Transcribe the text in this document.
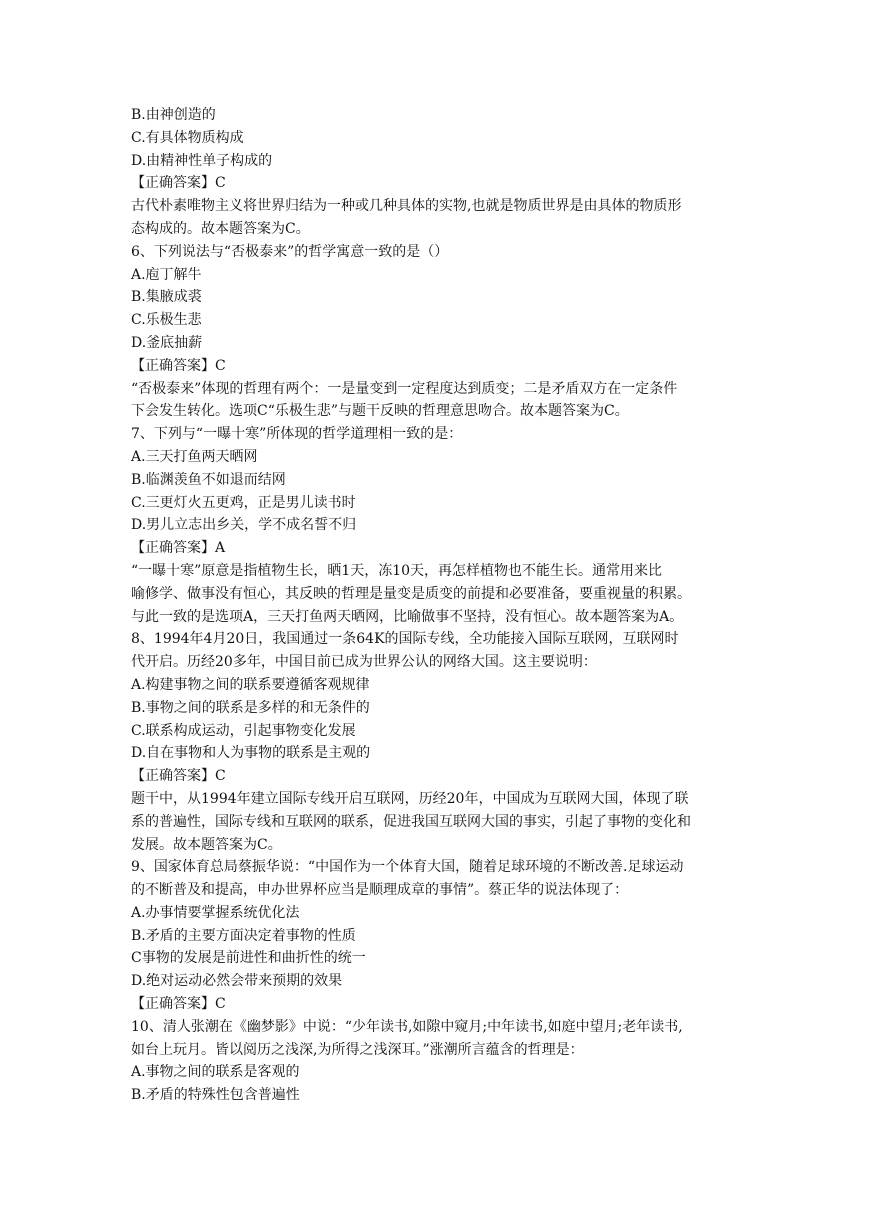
B.由神创造的
C.有具体物质构成
D.由精神性单子构成的
【正确答案】C
古代朴素唯物主义将世界归结为一种或几种具体的实物,也就是物质世界是由具体的物质形
态构成的。故本题答案为C。
6、下列说法与“否极泰来”的哲学寓意一致的是（）
A.庖丁解牛
B.集腋成裘
C.乐极生悲
D.釜底抽薪
【正确答案】C
“否极泰来”体现的哲理有两个：一是量变到一定程度达到质变；二是矛盾双方在一定条件
下会发生转化。选项C“乐极生悲”与题干反映的哲理意思吻合。故本题答案为C。
7、下列与“一曝十寒”所体现的哲学道理相一致的是：
A.三天打鱼两天晒网
B.临渊羡鱼不如退而结网
C.三更灯火五更鸡，正是男儿读书时
D.男儿立志出乡关，学不成名誓不归
【正确答案】A
“一曝十寒”原意是指植物生长，晒1天，冻10天，再怎样植物也不能生长。通常用来比
喻修学、做事没有恒心，其反映的哲理是量变是质变的前提和必要准备，要重视量的积累。
与此一致的是选项A，三天打鱼两天晒网，比喻做事不坚持，没有恒心。故本题答案为A。
8、1994年4月20日，我国通过一条64K的国际专线，全功能接入国际互联网，互联网时
代开启。历经20多年，中国目前已成为世界公认的网络大国。这主要说明：
A.构建事物之间的联系要遵循客观规律
B.事物之间的联系是多样的和无条件的
C.联系构成运动，引起事物变化发展
D.自在事物和人为事物的联系是主观的
【正确答案】C
题干中，从1994年建立国际专线开启互联网，历经20年，中国成为互联网大国，体现了联
系的普遍性，国际专线和互联网的联系，促进我国互联网大国的事实，引起了事物的变化和
发展。故本题答案为C。
9、国家体育总局蔡振华说：“中国作为一个体育大国，随着足球环境的不断改善.足球运动
的不断普及和提高，申办世界杯应当是顺理成章的事情”。蔡正华的说法体现了：
A.办事情要掌握系统优化法
B.矛盾的主要方面决定着事物的性质
C事物的发展是前进性和曲折性的统一
D.绝对运动必然会带来预期的效果
【正确答案】C
10、清人张潮在《幽梦影》中说：“少年读书,如隙中窥月;中年读书,如庭中望月;老年读书,
如台上玩月。皆以阅历之浅深,为所得之浅深耳。”涨潮所言蕴含的哲理是：
A.事物之间的联系是客观的
B.矛盾的特殊性包含普遍性
